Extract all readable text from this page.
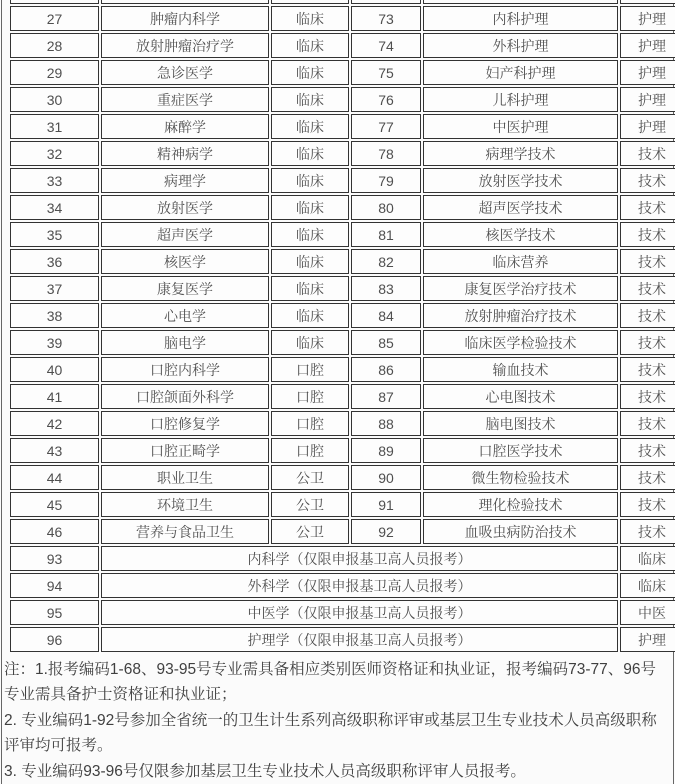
27	肿瘤内科学	临床	73	内科护理	护理
28	放射肿瘤治疗学	临床	74	外科护理	护理
29	急诊医学	临床	75	妇产科护理	护理
30	重症医学	临床	76	儿科护理	护理
31	麻醉学	临床	77	中医护理	护理
32	精神病学	临床	78	病理学技术	技术
33	病理学	临床	79	放射医学技术	技术
34	放射医学	临床	80	超声医学技术	技术
35	超声医学	临床	81	核医学技术	技术
36	核医学	临床	82	临床营养	技术
37	康复医学	临床	83	康复医学治疗技术	技术
38	心电学	临床	84	放射肿瘤治疗技术	技术
39	脑电学	临床	85	临床医学检验技术	技术
40	口腔内科学	口腔	86	输血技术	技术
41	口腔颌面外科学	口腔	87	心电图技术	技术
42	口腔修复学	口腔	88	脑电图技术	技术
43	口腔正畸学	口腔	89	口腔医学技术	技术
44	职业卫生	公卫	90	微生物检验技术	技术
45	环境卫生	公卫	91	理化检验技术	技术
46	营养与食品卫生	公卫	92	血吸虫病防治技术	技术
93	内科学（仅限申报基卫高人员报考）				临床
94	外科学（仅限申报基卫高人员报考）				临床
95	中医学（仅限申报基卫高人员报考）				中医
96	护理学（仅限申报基卫高人员报考）				护理

注：1.报考编码1-68、93-95号专业需具备相应类别医师资格证和执业证，报考编码73-77、96号专业需具备护士资格证和执业证；

2. 专业编码1-92号参加全省统一的卫生计生系列高级职称评审或基层卫生专业技术人员高级职称评审均可报考。

3. 专业编码93-96号仅限参加基层卫生专业技术人员高级职称评审人员报考。
